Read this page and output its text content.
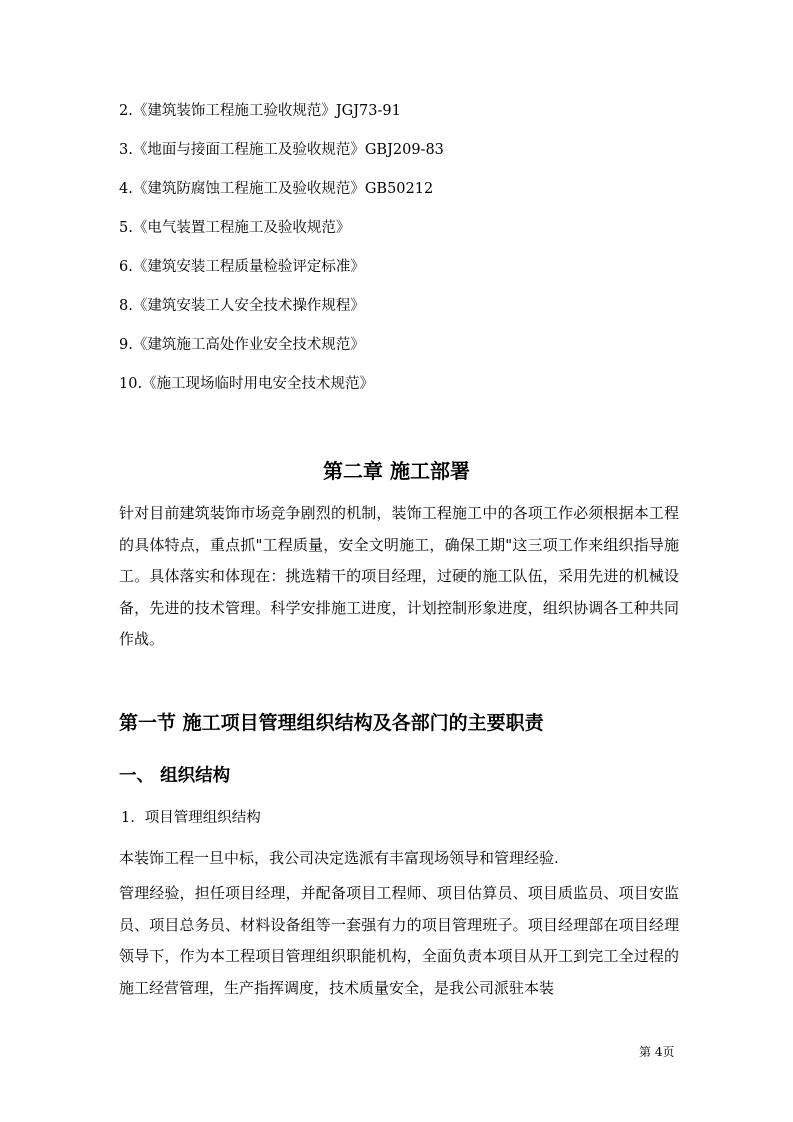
2.《建筑装饰工程施工验收规范》JGJ73-91
3.《地面与接面工程施工及验收规范》GBJ209-83
4.《建筑防腐蚀工程施工及验收规范》GB50212
5.《电气装置工程施工及验收规范》
6.《建筑安装工程质量检验评定标准》
8.《建筑安装工人安全技术操作规程》
9.《建筑施工高处作业安全技术规范》
10.《施工现场临时用电安全技术规范》
第二章 施工部署
针对目前建筑装饰市场竞争剧烈的机制，装饰工程施工中的各项工作必须根据本工程的具体特点，重点抓"工程质量，安全文明施工，确保工期"这三项工作来组织指导施工。具体落实和体现在：挑选精干的项目经理，过硬的施工队伍，采用先进的机械设备，先进的技术管理。科学安排施工进度，计划控制形象进度，组织协调各工种共同作战。
第一节 施工项目管理组织结构及各部门的主要职责
一、 组织结构
1．项目管理组织结构
本装饰工程一旦中标，我公司决定选派有丰富现场领导和管理经验.
管理经验，担任项目经理，并配备项目工程师、项目估算员、项目质监员、项目安监员、项目总务员、材料设备组等一套强有力的项目管理班子。项目经理部在项目经理领导下，作为本工程项目管理组织职能机构，全面负责本项目从开工到完工全过程的施工经营管理，生产指挥调度，技术质量安全，是我公司派驻本装
第 4页
